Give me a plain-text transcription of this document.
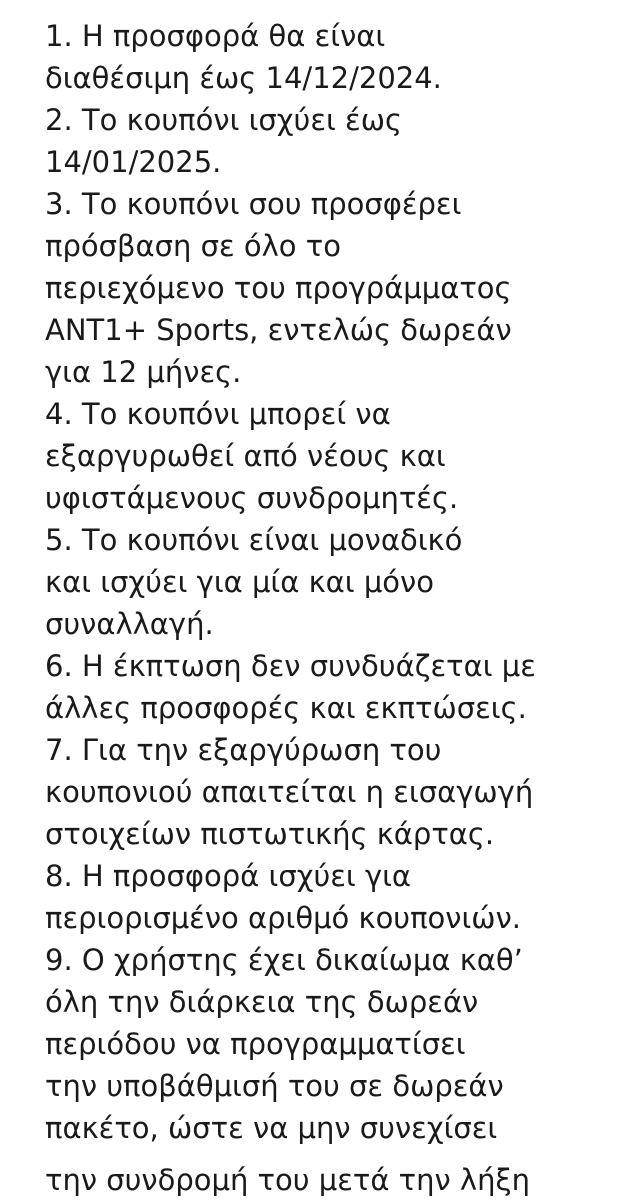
1. Η προσφορά θα είναι
διαθέσιμη έως 14/12/2024.
2. Το κουπόνι ισχύει έως
14/01/2025.
3. Το κουπόνι σου προσφέρει
πρόσβαση σε όλο το
περιεχόμενο του προγράμματος
ANT1+ Sports, εντελώς δωρεάν
για 12 μήνες.
4. Το κουπόνι μπορεί να
εξαργυρωθεί από νέους και
υφιστάμενους συνδρομητές.
5. Το κουπόνι είναι μοναδικό
και ισχύει για μία και μόνο
συναλλαγή.
6. Η έκπτωση δεν συνδυάζεται με
άλλες προσφορές και εκπτώσεις.
7. Για την εξαργύρωση του
κουπονιού απαιτείται η εισαγωγή
στοιχείων πιστωτικής κάρτας.
8. Η προσφορά ισχύει για
περιορισμένο αριθμό κουπονιών.
9. Ο χρήστης έχει δικαίωμα καθ’
όλη την διάρκεια της δωρεάν
περιόδου να προγραμματίσει
την υποβάθμισή του σε δωρεάν
πακέτο, ώστε να μην συνεχίσει
την συνδρομή του μετά την λήξη
